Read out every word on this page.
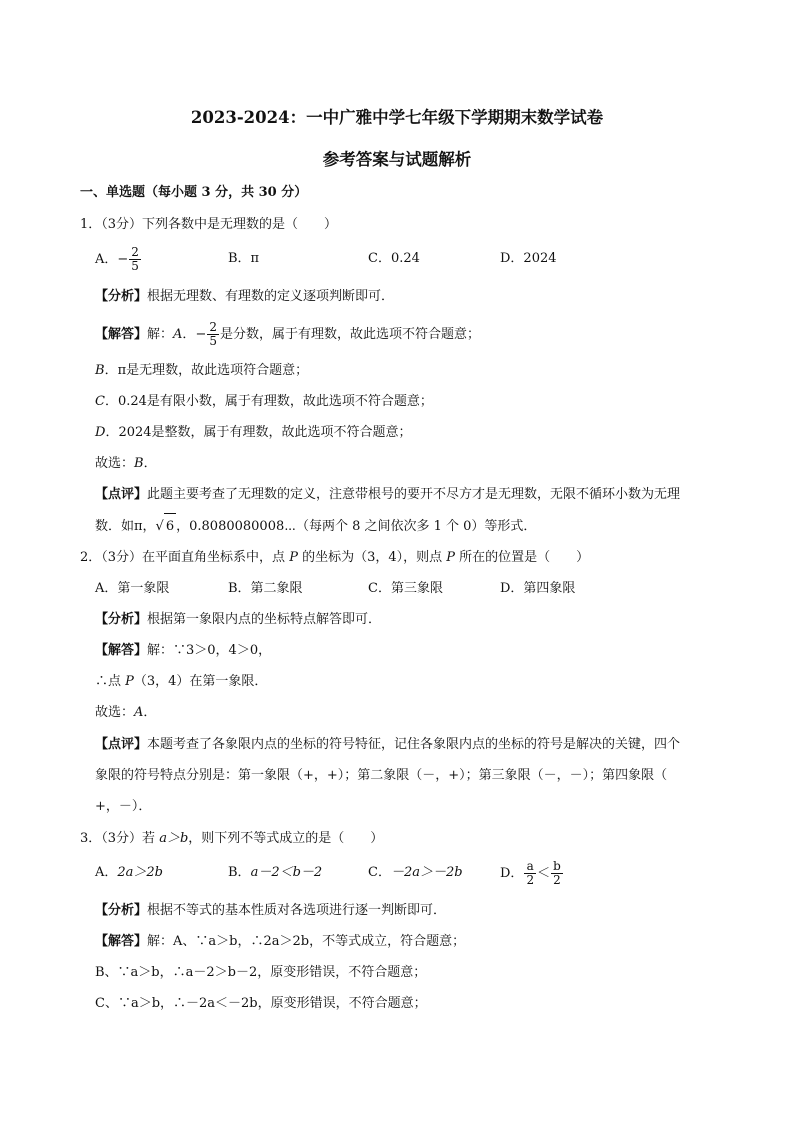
2023-2024：一中广雅中学七年级下学期期末数学试卷
参考答案与试题解析
一、单选题（每小题 3 分，共 30 分）
1．（3分）下列各数中是无理数的是（　　）
A．− $\frac{2}{5}$	B．π	C．0.24	D．2024
【分析】根据无理数、有理数的定义逐项判断即可．
【解答】解：A．− $\frac{2}{5}$ 是分数，属于有理数，故此选项不符合题意；
B．π是无理数，故此选项符合题意；
C．0.24是有限小数，属于有理数，故此选项不符合题意；
D．2024是整数，属于有理数，故此选项不符合题意；
故选：B．
【点评】此题主要考查了无理数的定义，注意带根号的要开不尽方才是无理数，无限不循环小数为无理
数．如π，√ 6 ，0.8080080008⋯（每两个 8 之间依次多 1 个 0）等形式．
2．（3分）在平面直角坐标系中，点 P 的坐标为（3，4），则点 P 所在的位置是（　　）
A．第一象限	B．第二象限	C．第三象限	D．第四象限
【分析】根据第一象限内点的坐标特点解答即可．
【解答】解：∵3＞0，4＞0，
∴点 P（3，4）在第一象限．
故选：A．
【点评】本题考查了各象限内点的坐标的符号特征，记住各象限内点的坐标的符号是解决的关键，四个
象限的符号特点分别是：第一象限（+，+）；第二象限（－，+）；第三象限（－，－）；第四象限（
+，－）．
3．（3分）若 a＞b，则下列不等式成立的是（　　）
A．2a＞2b	B．a－2＜b－2	C．－2a＞－2b	D． $\frac{a}{2} < \frac{b}{2}$
【分析】根据不等式的基本性质对各选项进行逐一判断即可．
【解答】解：A、∵a＞b，∴2a＞2b，不等式成立，符合题意；
B、∵a＞b，∴a－2＞b－2，原变形错误，不符合题意；
C、∵a＞b，∴－2a＜－2b，原变形错误，不符合题意；
